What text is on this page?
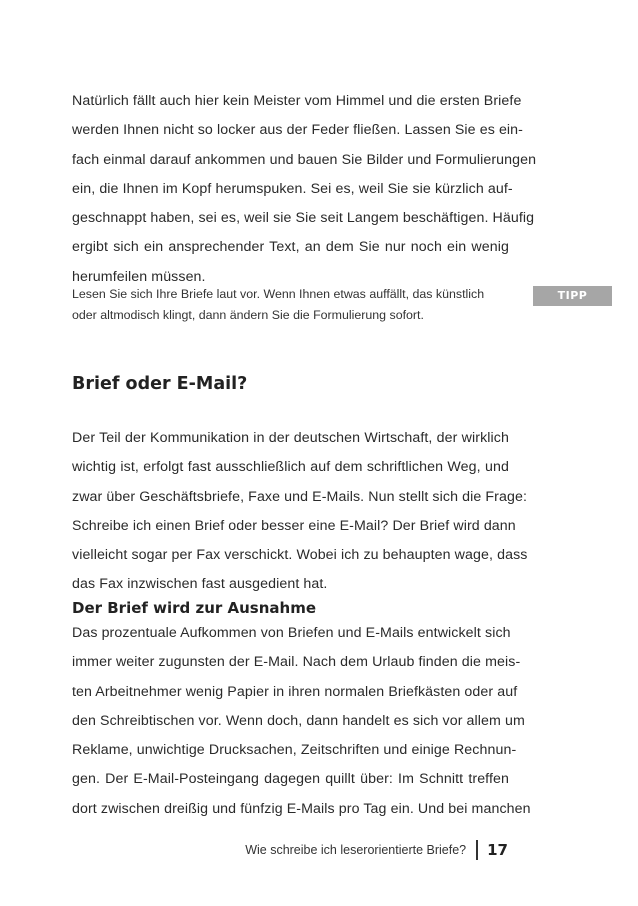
Natürlich fällt auch hier kein Meister vom Himmel und die ersten Briefe
werden Ihnen nicht so locker aus der Feder fließen. Lassen Sie es ein-
fach einmal darauf ankommen und bauen Sie Bilder und Formulierungen
ein, die Ihnen im Kopf herumspuken. Sei es, weil Sie sie kürzlich auf-
geschnappt haben, sei es, weil sie Sie seit Langem beschäftigen. Häufig
ergibt sich ein ansprechender Text, an dem Sie nur noch ein wenig
herumfeilen müssen.
Lesen Sie sich Ihre Briefe laut vor. Wenn Ihnen etwas auffällt, das künstlich
oder altmodisch klingt, dann ändern Sie die Formulierung sofort.
TIPP
Brief oder E-Mail?
Der Teil der Kommunikation in der deutschen Wirtschaft, der wirklich
wichtig ist, erfolgt fast ausschließlich auf dem schriftlichen Weg, und
zwar über Geschäftsbriefe, Faxe und E-Mails. Nun stellt sich die Frage:
Schreibe ich einen Brief oder besser eine E-Mail? Der Brief wird dann
vielleicht sogar per Fax verschickt. Wobei ich zu behaupten wage, dass
das Fax inzwischen fast ausgedient hat.
Der Brief wird zur Ausnahme
Das prozentuale Aufkommen von Briefen und E-Mails entwickelt sich
immer weiter zugunsten der E-Mail. Nach dem Urlaub finden die meis-
ten Arbeitnehmer wenig Papier in ihren normalen Briefkästen oder auf
den Schreibtischen vor. Wenn doch, dann handelt es sich vor allem um
Reklame, unwichtige Drucksachen, Zeitschriften und einige Rechnun-
gen. Der E-Mail-Posteingang dagegen quillt über: Im Schnitt treffen
dort zwischen dreißig und fünfzig E-Mails pro Tag ein. Und bei manchen
Wie schreibe ich leserorientierte Briefe? 17
